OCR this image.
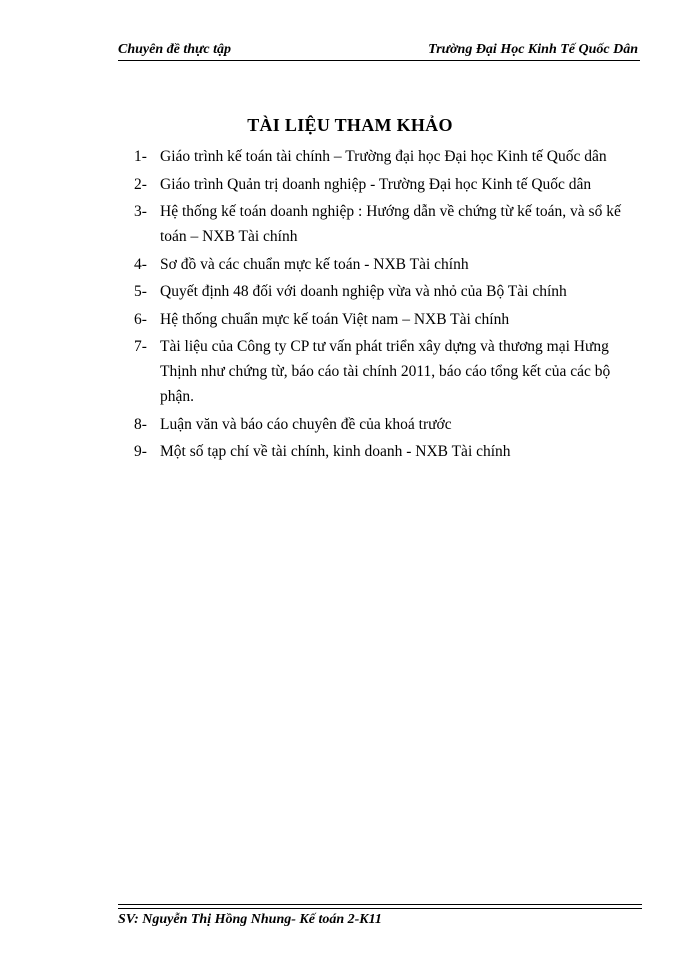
Chuyên đề thực tập	Trường Đại Học Kinh Tế Quốc Dân
TÀI LIỆU THAM KHẢO
1- Giáo trình kế toán tài chính – Trường đại học Đại học Kinh tế Quốc dân
2- Giáo trình Quản trị doanh nghiệp - Trường Đại học Kinh tế Quốc dân
3- Hệ thống kế toán doanh nghiệp : Hướng dẫn về chứng từ kế toán, và sổ kế toán – NXB Tài chính
4- Sơ đồ và các chuẩn mực kế toán - NXB Tài chính
5- Quyết định 48 đối với doanh nghiệp vừa và nhỏ của Bộ Tài chính
6- Hệ thống chuẩn mực kế toán Việt nam – NXB Tài chính
7- Tài liệu của Công ty CP tư vấn phát triển xây dựng và thương mại Hưng Thịnh như chứng từ, báo cáo tài chính 2011, báo cáo tổng kết của các bộ phận.
8- Luận văn và báo cáo chuyên đề của khoá trước
9- Một số tạp chí về tài chính, kinh doanh - NXB Tài chính
SV: Nguyễn Thị Hồng Nhung- Kế toán 2-K11
